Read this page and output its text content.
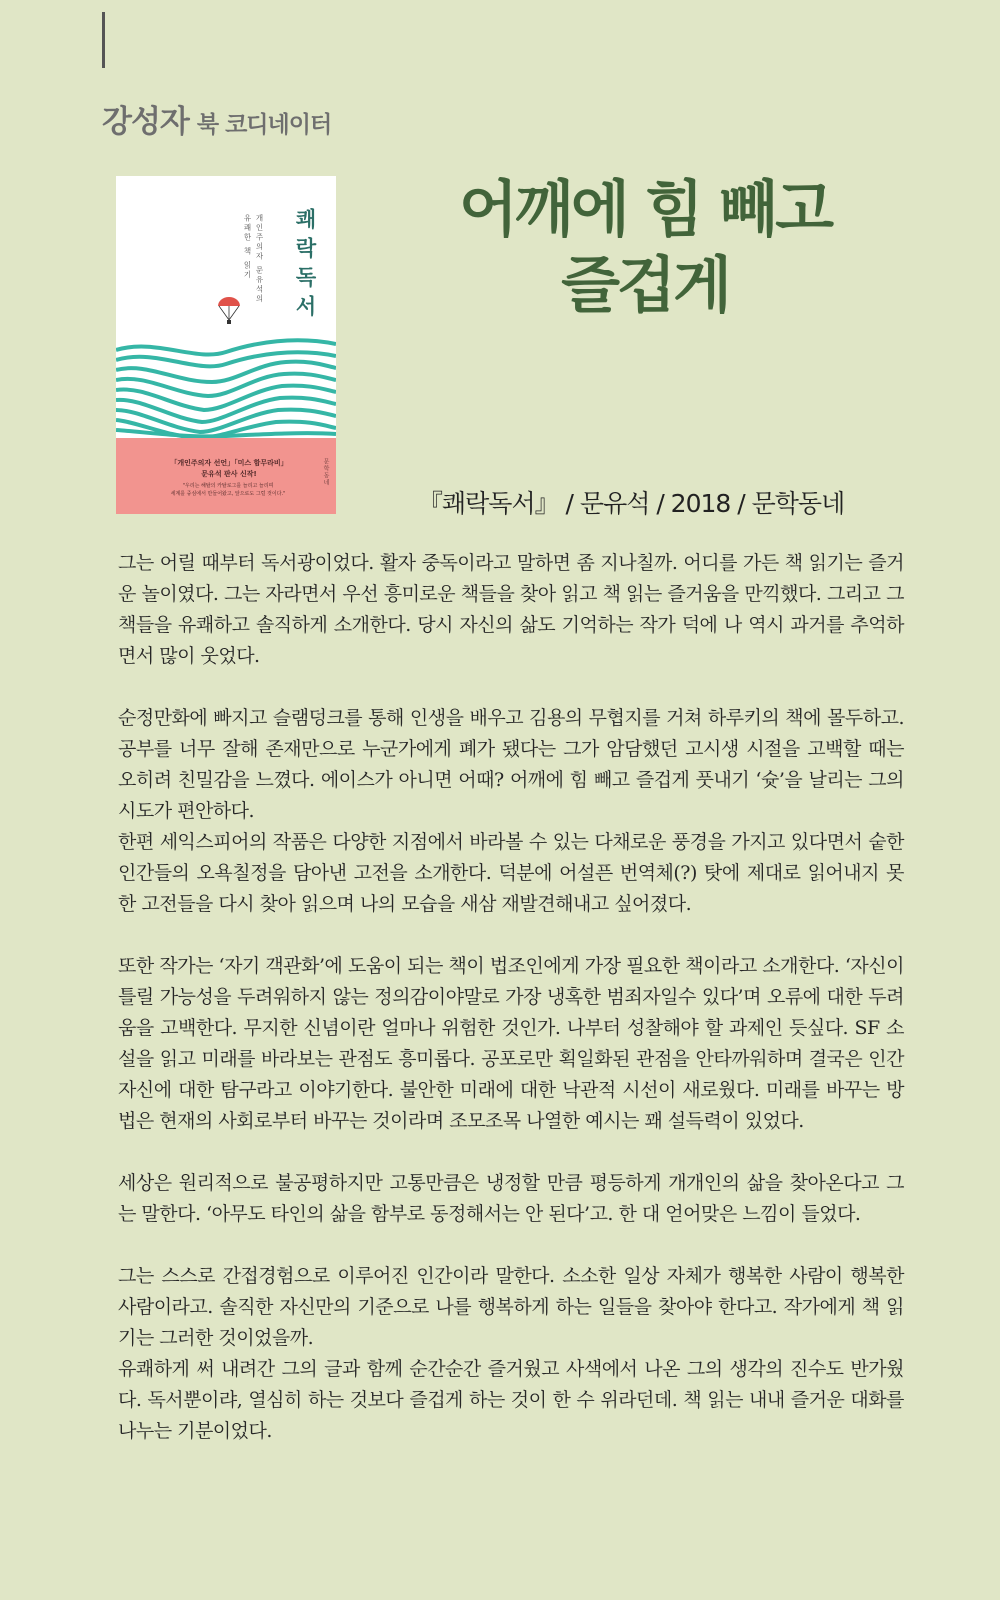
강성자 북 코디네이터
쾌락독서
개인주의자 문유석의
유쾌한 책 읽기
「개인주의자 선언」「미스 함무라비」
문유석 판사 신작!
"우리는 해탈의 카탈로그를 늘리고 늘리며
세계를 중심에서 만들어왔고, 앞으로도 그럴 것이다."
문학동네
어깨에 힘 빼고
즐겁게
『쾌락독서』 / 문유석 / 2018 / 문학동네

그는 어릴 때부터 독서광이었다. 활자 중독이라고 말하면 좀 지나칠까. 어디를 가든 책 읽기는 즐거운 놀이였다. 그는 자라면서 우선 흥미로운 책들을 찾아 읽고 책 읽는 즐거움을 만끽했다. 그리고 그 책들을 유쾌하고 솔직하게 소개한다. 당시 자신의 삶도 기억하는 작가 덕에 나 역시 과거를 추억하면서 많이 웃었다.

순정만화에 빠지고 슬램덩크를 통해 인생을 배우고 김용의 무협지를 거쳐 하루키의 책에 몰두하고. 공부를 너무 잘해 존재만으로 누군가에게 폐가 됐다는 그가 암담했던 고시생 시절을 고백할 때는 오히려 친밀감을 느꼈다. 에이스가 아니면 어때? 어깨에 힘 빼고 즐겁게 풋내기 ‘슛’을 날리는 그의 시도가 편안하다.

한편 세익스피어의 작품은 다양한 지점에서 바라볼 수 있는 다채로운 풍경을 가지고 있다면서 숱한 인간들의 오욕칠정을 담아낸 고전을 소개한다. 덕분에 어설픈 번역체(?) 탓에 제대로 읽어내지 못한 고전들을 다시 찾아 읽으며 나의 모습을 새삼 재발견해내고 싶어졌다.

또한 작가는 ‘자기 객관화’에 도움이 되는 책이 법조인에게 가장 필요한 책이라고 소개한다. ‘자신이 틀릴 가능성을 두려워하지 않는 정의감이야말로 가장 냉혹한 범죄자일수 있다’며 오류에 대한 두려움을 고백한다. 무지한 신념이란 얼마나 위험한 것인가. 나부터 성찰해야 할 과제인 듯싶다. SF 소설을 읽고 미래를 바라보는 관점도 흥미롭다. 공포로만 획일화된 관점을 안타까워하며 결국은 인간 자신에 대한 탐구라고 이야기한다. 불안한 미래에 대한 낙관적 시선이 새로웠다. 미래를 바꾸는 방법은 현재의 사회로부터 바꾸는 것이라며 조모조목 나열한 예시는 꽤 설득력이 있었다.

세상은 원리적으로 불공평하지만 고통만큼은 냉정할 만큼 평등하게 개개인의 삶을 찾아온다고 그는 말한다. ‘아무도 타인의 삶을 함부로 동정해서는 안 된다’고. 한 대 얻어맞은 느낌이 들었다.

그는 스스로 간접경험으로 이루어진 인간이라 말한다. 소소한 일상 자체가 행복한 사람이 행복한 사람이라고. 솔직한 자신만의 기준으로 나를 행복하게 하는 일들을 찾아야 한다고. 작가에게 책 읽기는 그러한 것이었을까.

유쾌하게 써 내려간 그의 글과 함께 순간순간 즐거웠고 사색에서 나온 그의 생각의 진수도 반가웠다. 독서뿐이랴, 열심히 하는 것보다 즐겁게 하는 것이 한 수 위라던데. 책 읽는 내내 즐거운 대화를 나누는 기분이었다.
